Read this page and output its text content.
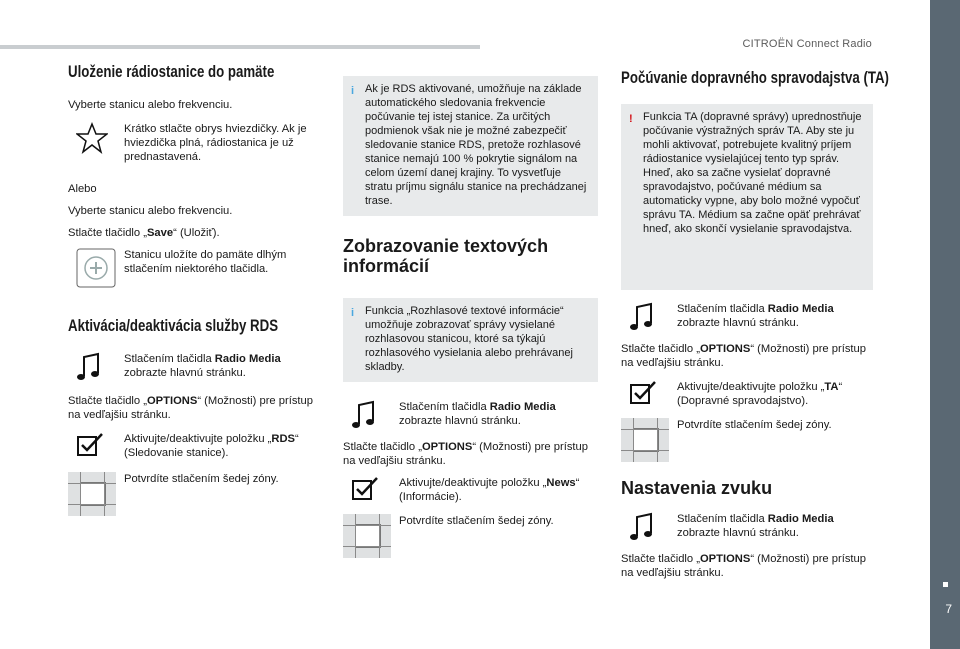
CITROËN Connect Radio
7
Uloženie rádiostanice do pamäte

Vyberte stanicu alebo frekvenciu.

Krátko stlačte obrys hviezdičky. Ak je hviezdička plná, rádiostanica je už prednastavená.

Alebo

Vyberte stanicu alebo frekvenciu.

Stlačte tlačidlo „Save“ (Uložiť).

Stanicu uložíte do pamäte dlhým stlačením niektorého tlačidla.

Aktivácia/deaktivácia služby RDS

Stlačením tlačidla Radio Media zobrazte hlavnú stránku.

Stlačte tlačidlo „OPTIONS“ (Možnosti) pre prístup na vedľajšiu stránku.

Aktivujte/deaktivujte položku „RDS“ (Sledovanie stanice).

Potvrdíte stlačením šedej zóny.

i Ak je RDS aktivované, umožňuje na základe automatického sledovania frekvencie počúvanie tej istej stanice. Za určitých podmienok však nie je možné zabezpečiť sledovanie stanice RDS, pretože rozhlasové stanice nemajú 100 % pokrytie signálom na celom území danej krajiny. To vysvetľuje stratu príjmu signálu stanice na prechádzanej trase.
Zobrazovanie textových informácií
i Funkcia „Rozhlasové textové informácie“ umožňuje zobrazovať správy vysielané rozhlasovou stanicou, ktoré sa týkajú rozhlasového vysielania alebo prehrávanej skladby.

Stlačením tlačidla Radio Media zobrazte hlavnú stránku.

Stlačte tlačidlo „OPTIONS“ (Možnosti) pre prístup na vedľajšiu stránku.

Aktivujte/deaktivujte položku „News“ (Informácie).

Potvrdíte stlačením šedej zóny.

Počúvanie dopravného spravodajstva (TA)
! Funkcia TA (dopravné správy) uprednostňuje počúvanie výstražných správ TA. Aby ste ju mohli aktivovať, potrebujete kvalitný príjem rádiostanice vysielajúcej tento typ správ. Hneď, ako sa začne vysielať dopravné spravodajstvo, počúvané médium sa automaticky vypne, aby bolo možné vypočuť správu TA. Médium sa začne opäť prehrávať hneď, ako skončí vysielanie spravodajstva.

Stlačením tlačidla Radio Media zobrazte hlavnú stránku.

Stlačte tlačidlo „OPTIONS“ (Možnosti) pre prístup na vedľajšiu stránku.

Aktivujte/deaktivujte položku „TA“ (Dopravné spravodajstvo).

Potvrdíte stlačením šedej zóny.

Nastavenia zvuku

Stlačením tlačidla Radio Media zobrazte hlavnú stránku.

Stlačte tlačidlo „OPTIONS“ (Možnosti) pre prístup na vedľajšiu stránku.
